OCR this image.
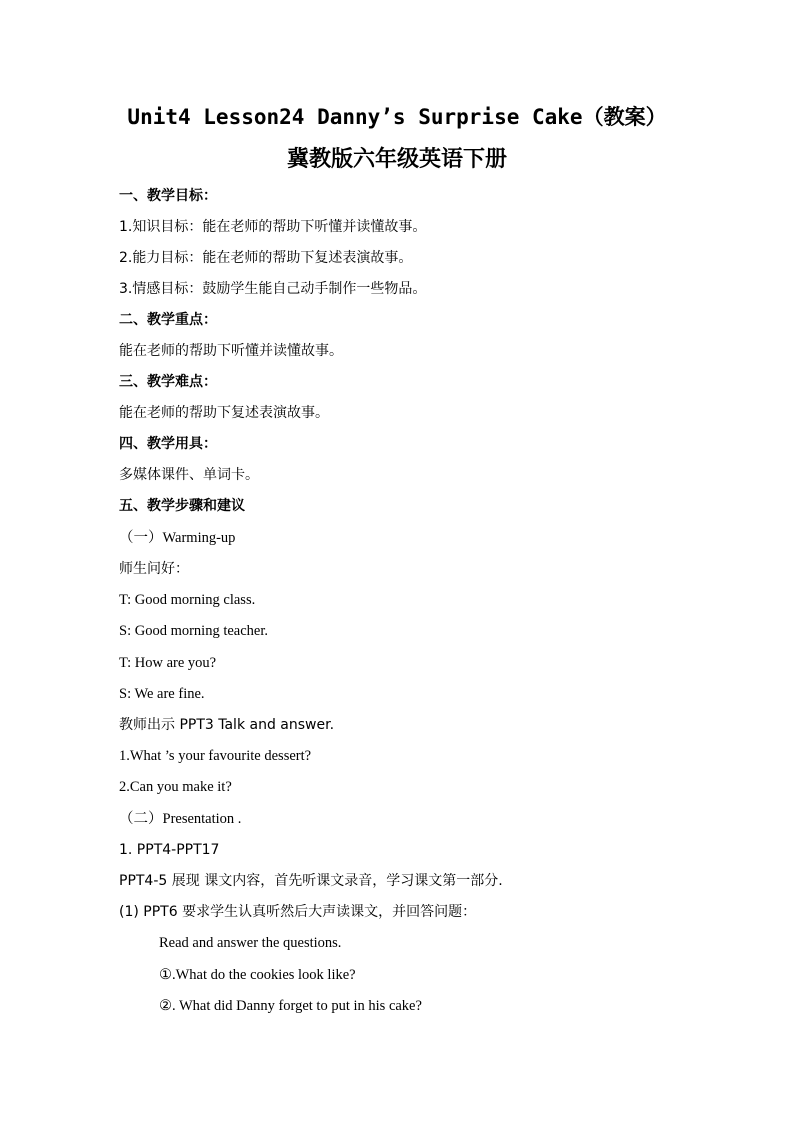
Unit4 Lesson24 Danny’s Surprise Cake（教案）
冀教版六年级英语下册
一、教学目标：
1.知识目标：能在老师的帮助下听懂并读懂故事。
2.能力目标：能在老师的帮助下复述表演故事。
3.情感目标：鼓励学生能自己动手制作一些物品。
二、教学重点：
能在老师的帮助下听懂并读懂故事。
三、教学难点：
能在老师的帮助下复述表演故事。
四、教学用具：
多媒体课件、单词卡。
五、教学步骤和建议
（一）Warming-up
师生问好：
T: Good morning class.
S: Good morning teacher.
T: How are you?
S: We are fine.
教师出示 PPT3 Talk and answer.
1.What ’s your favourite dessert?
2.Can you make it?
（二）Presentation .
1. PPT4-PPT17
PPT4-5 展现 课文内容，首先听课文录音，学习课文第一部分.
(1) PPT6 要求学生认真听然后大声读课文，并回答问题：
Read and answer the questions.
①.What do the cookies look like?
②. What did Danny forget to put in his cake?
